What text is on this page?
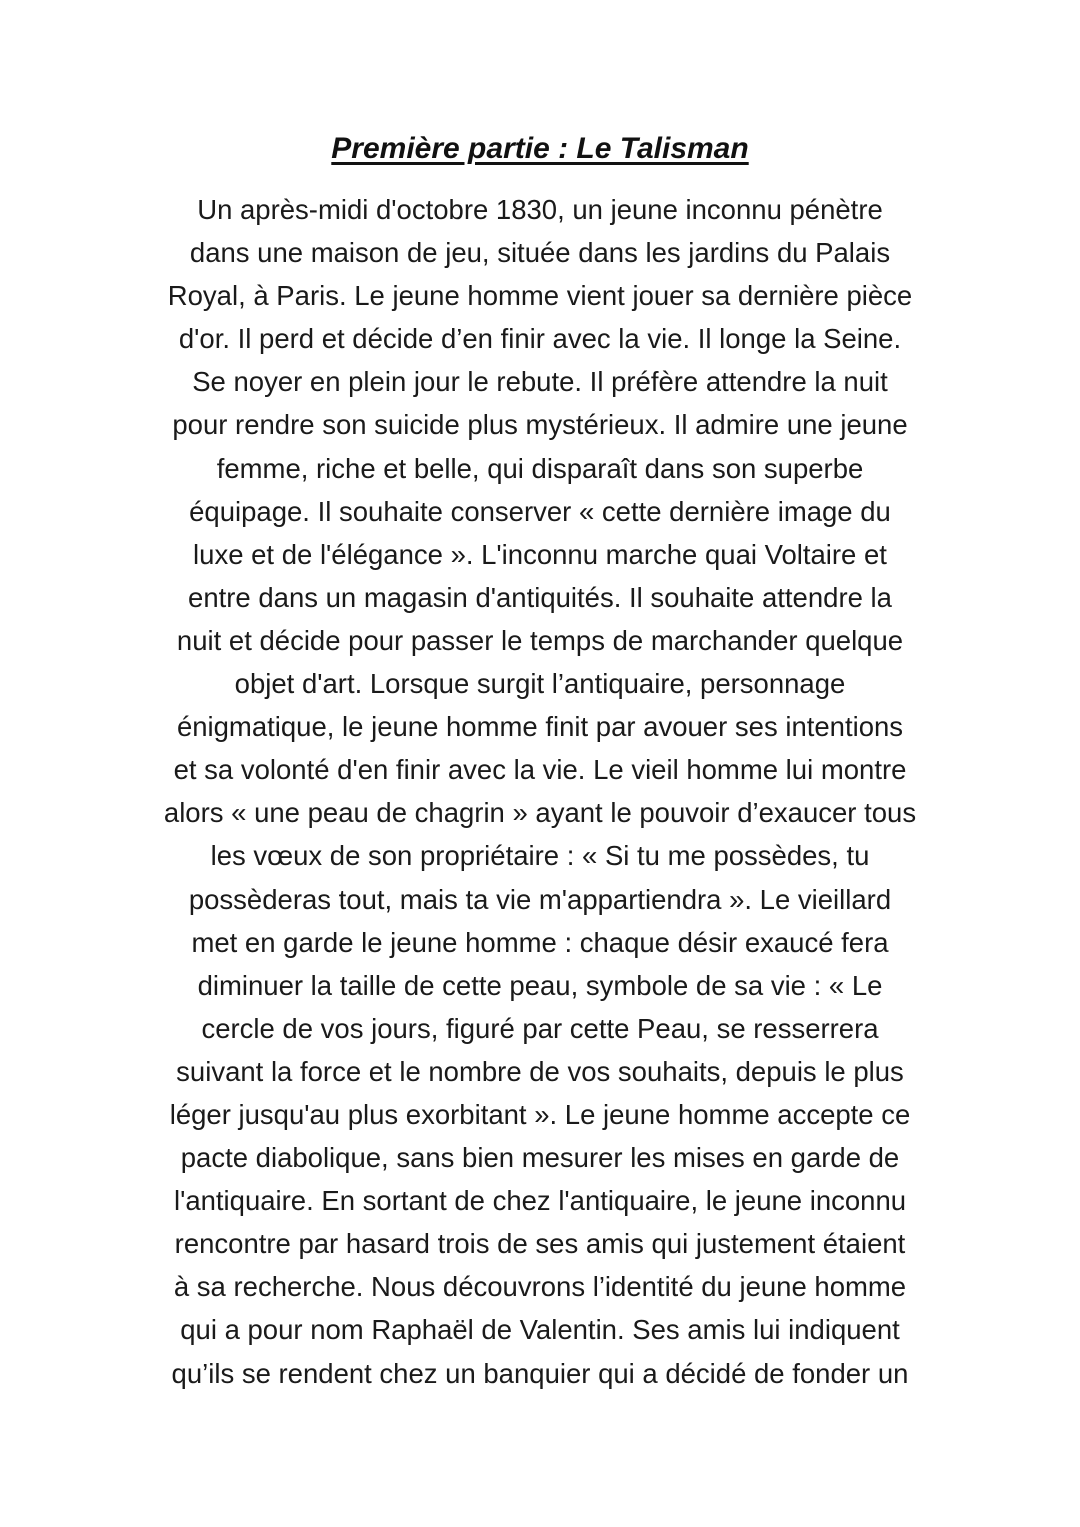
Première partie : Le Talisman
Un après-midi d'octobre 1830, un jeune inconnu pénètre
dans une maison de jeu, située dans les jardins du Palais
Royal, à Paris. Le jeune homme vient jouer sa dernière pièce
d'or. Il perd et décide d’en finir avec la vie. Il longe la Seine.
Se noyer en plein jour le rebute. Il préfère attendre la nuit
pour rendre son suicide plus mystérieux. Il admire une jeune
femme, riche et belle, qui disparaît dans son superbe
équipage. Il souhaite conserver « cette dernière image du
luxe et de l'élégance ». L'inconnu marche quai Voltaire et
entre dans un magasin d'antiquités. Il souhaite attendre la
nuit et décide pour passer le temps de marchander quelque
objet d'art. Lorsque surgit l’antiquaire, personnage
énigmatique, le jeune homme finit par avouer ses intentions
et sa volonté d'en finir avec la vie. Le vieil homme lui montre
alors « une peau de chagrin » ayant le pouvoir d’exaucer tous
les vœux de son propriétaire : « Si tu me possèdes, tu
possèderas tout, mais ta vie m'appartiendra ». Le vieillard
met en garde le jeune homme : chaque désir exaucé fera
diminuer la taille de cette peau, symbole de sa vie : « Le
cercle de vos jours, figuré par cette Peau, se resserrera
suivant la force et le nombre de vos souhaits, depuis le plus
léger jusqu'au plus exorbitant ». Le jeune homme accepte ce
pacte diabolique, sans bien mesurer les mises en garde de
l'antiquaire. En sortant de chez l'antiquaire, le jeune inconnu
rencontre par hasard trois de ses amis qui justement étaient
à sa recherche. Nous découvrons l’identité du jeune homme
qui a pour nom Raphaël de Valentin. Ses amis lui indiquent
qu’ils se rendent chez un banquier qui a décidé de fonder un
